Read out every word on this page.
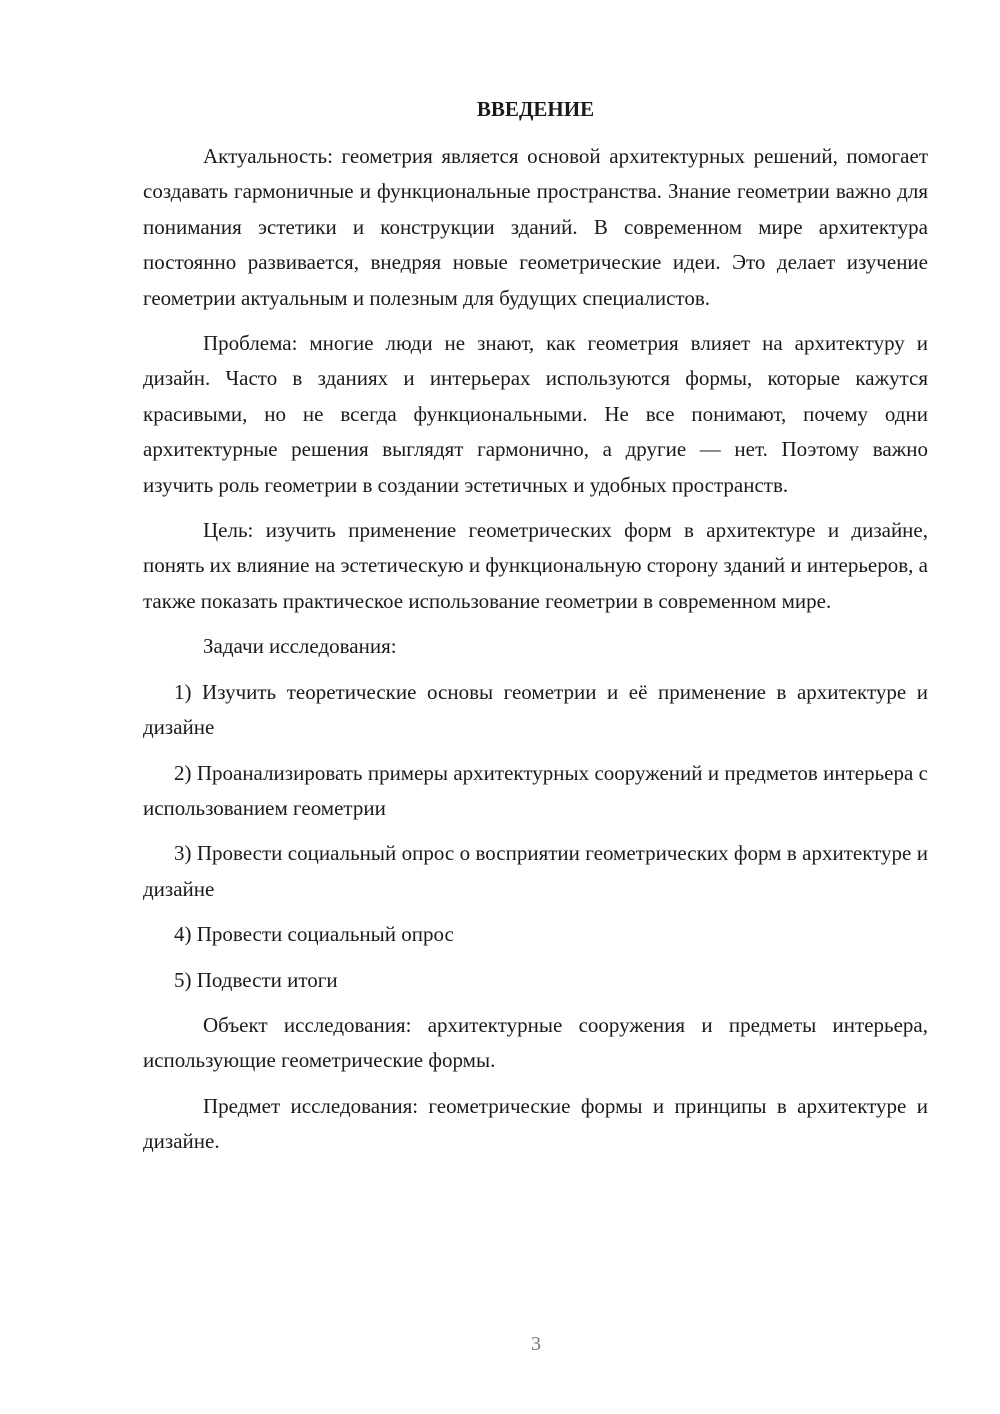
ВВЕДЕНИЕ

Актуальность: геометрия является основой архитектурных решений, помогает создавать гармоничные и функциональные пространства. Знание геометрии важно для понимания эстетики и конструкции зданий. В современном мире архитектура постоянно развивается, внедряя новые геометрические идеи. Это делает изучение геометрии актуальным и полезным для будущих специалистов.

Проблема: многие люди не знают, как геометрия влияет на архитектуру и дизайн. Часто в зданиях и интерьерах используются формы, которые кажутся красивыми, но не всегда функциональными. Не все понимают, почему одни архитектурные решения выглядят гармонично, а другие — нет. Поэтому важно изучить роль геометрии в создании эстетичных и удобных пространств.

Цель: изучить применение геометрических форм в архитектуре и дизайне, понять их влияние на эстетическую и функциональную сторону зданий и интерьеров, а также показать практическое использование геометрии в современном мире.

Задачи исследования:

1) Изучить теоретические основы геометрии и её применение в архитектуре и дизайне

2) Проанализировать примеры архитектурных сооружений и предметов интерьера с использованием геометрии

3) Провести социальный опрос о восприятии геометрических форм в архитектуре и дизайне

4) Провести социальный опрос

5) Подвести итоги

Объект исследования: архитектурные сооружения и предметы интерьера, использующие геометрические формы.

Предмет исследования: геометрические формы и принципы в архитектуре и дизайне.

3
